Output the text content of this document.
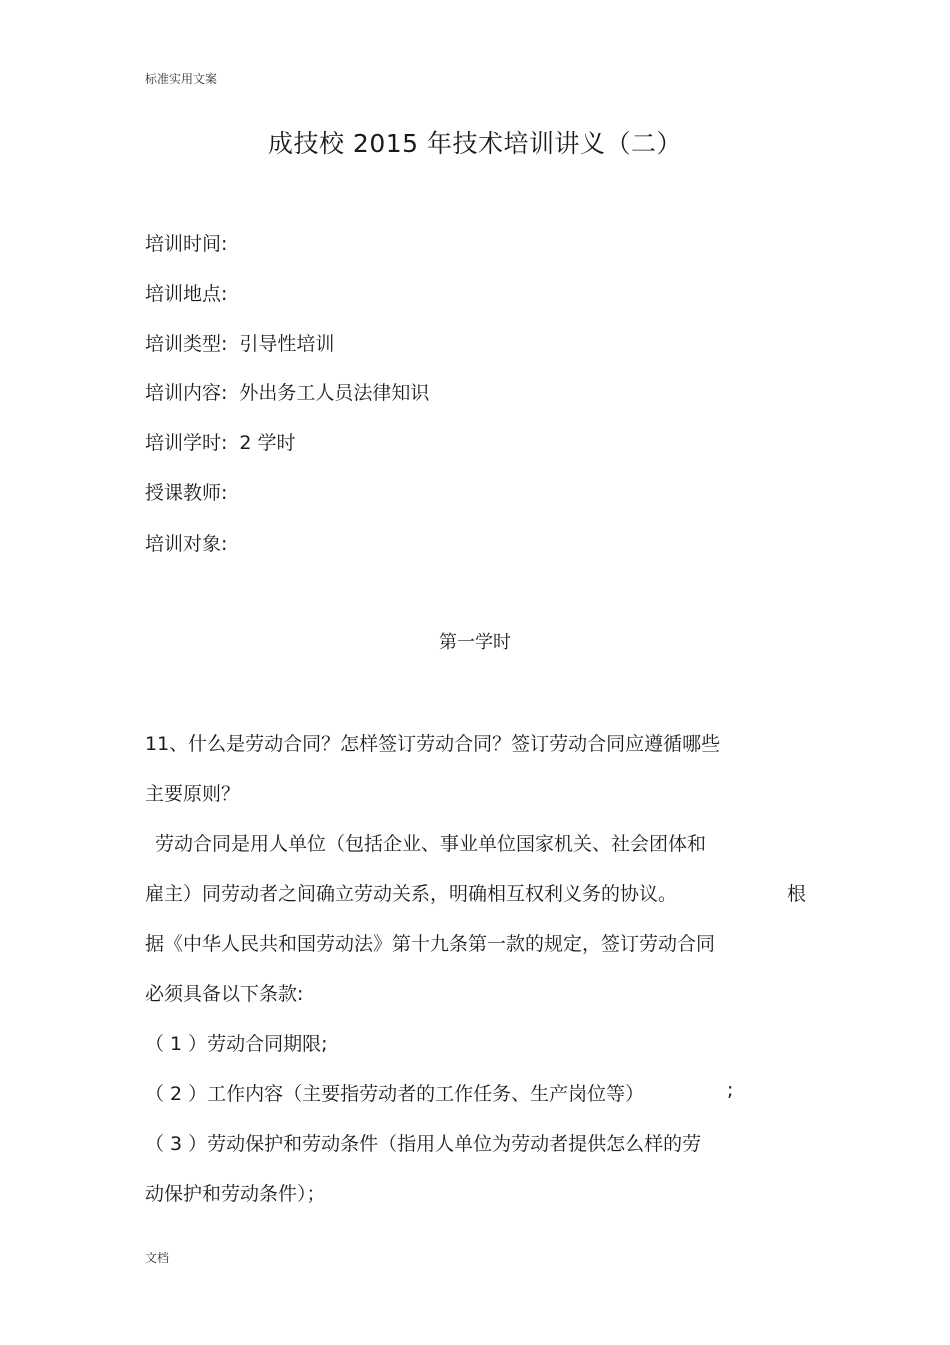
标准实用文案
成技校 2015 年技术培训讲义（二）
培训时间:
培训地点:
培训类型: 引导性培训
培训内容: 外出务工人员法律知识
培训学时:2 学时
授课教师:
培训对象:
第一学时
11、什么是劳动合同？怎样签订劳动合同？签订劳动合同应遵循哪些
主要原则？
劳动合同是用人单位（包括企业、事业单位国家机关、社会团体和
雇主）同劳动者之间确立劳动关系，明确相互权利义务的协议。	根
据《中华人民共和国劳动法》第十九条第一款的规定，签订劳动合同
必须具备以下条款:
（ 1 ）劳动合同期限;
（ 2 ）工作内容（主要指劳动者的工作任务、生产岗位等）	;
（ 3 ）劳动保护和劳动条件（指用人单位为劳动者提供怎么样的劳
动保护和劳动条件）；
文档
